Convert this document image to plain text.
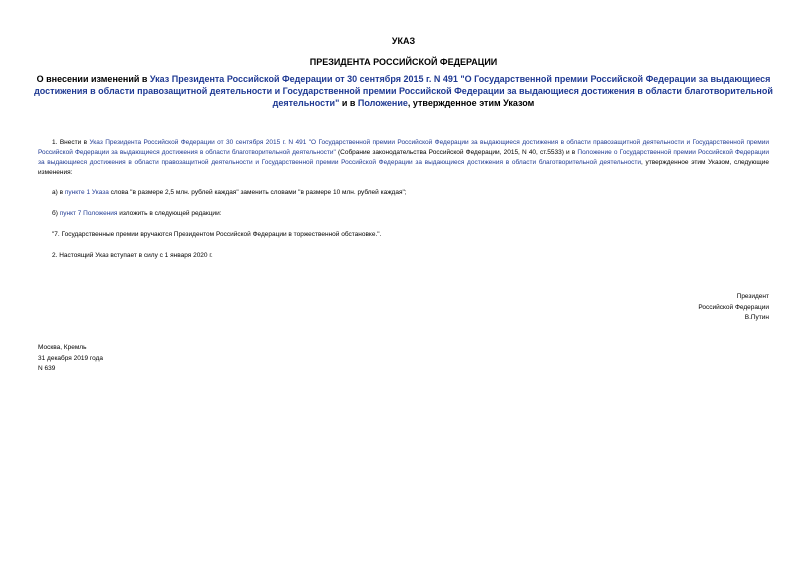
УКАЗ
ПРЕЗИДЕНТА РОССИЙСКОЙ ФЕДЕРАЦИИ
О внесении изменений в Указ Президента Российской Федерации от 30 сентября 2015 г. N 491 "О Государственной премии Российской Федерации за выдающиеся достижения в области правозащитной деятельности и Государственной премии Российской Федерации за выдающиеся достижения в области благотворительной деятельности" и в Положение, утвержденное этим Указом
1. Внести в Указ Президента Российской Федерации от 30 сентября 2015 г. N 491 "О Государственной премии Российской Федерации за выдающиеся достижения в области правозащитной деятельности и Государственной премии Российской Федерации за выдающиеся достижения в области благотворительной деятельности" (Собрание законодательства Российской Федерации, 2015, N 40, ст.5533) и в Положение о Государственной премии Российской Федерации за выдающиеся достижения в области правозащитной деятельности и Государственной премии Российской Федерации за выдающиеся достижения в области благотворительной деятельности, утвержденное этим Указом, следующие изменения:
а) в пункте 1 Указа слова "в размере 2,5 млн. рублей каждая" заменить словами "в размере 10 млн. рублей каждая";
б) пункт 7 Положения изложить в следующей редакции:
"7. Государственные премии вручаются Президентом Российской Федерации в торжественной обстановке.".
2. Настоящий Указ вступает в силу с 1 января 2020 г.
Президент
Российской Федерации
В.Путин
Москва, Кремль
31 декабря 2019 года
N 639
